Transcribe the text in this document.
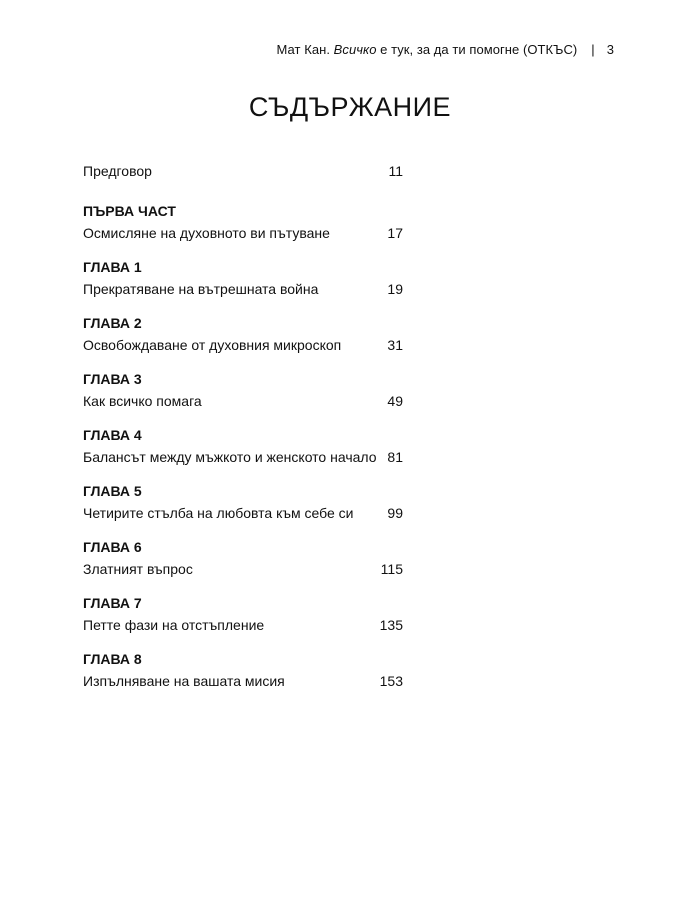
Мат Кан. Всичко е тук, за да ти помогне (ОТКЪС) | 3
СЪДЪРЖАНИЕ
Предговор	11
ПЪРВА ЧАСТ
Осмисляне на духовното ви пътуване	17
ГЛАВА 1
Прекратяване на вътрешната война	19
ГЛАВА 2
Освобождаване от духовния микроскоп	31
ГЛАВА 3
Как всичко помага	49
ГЛАВА 4
Балансът между мъжкото и женското начало 81
ГЛАВА 5
Четирите стълба на любовта към себе си 99
ГЛАВА 6
Златният въпрос	115
ГЛАВА 7
Петте фази на отстъпление	135
ГЛАВА 8
Изпълняване на вашата мисия	153
